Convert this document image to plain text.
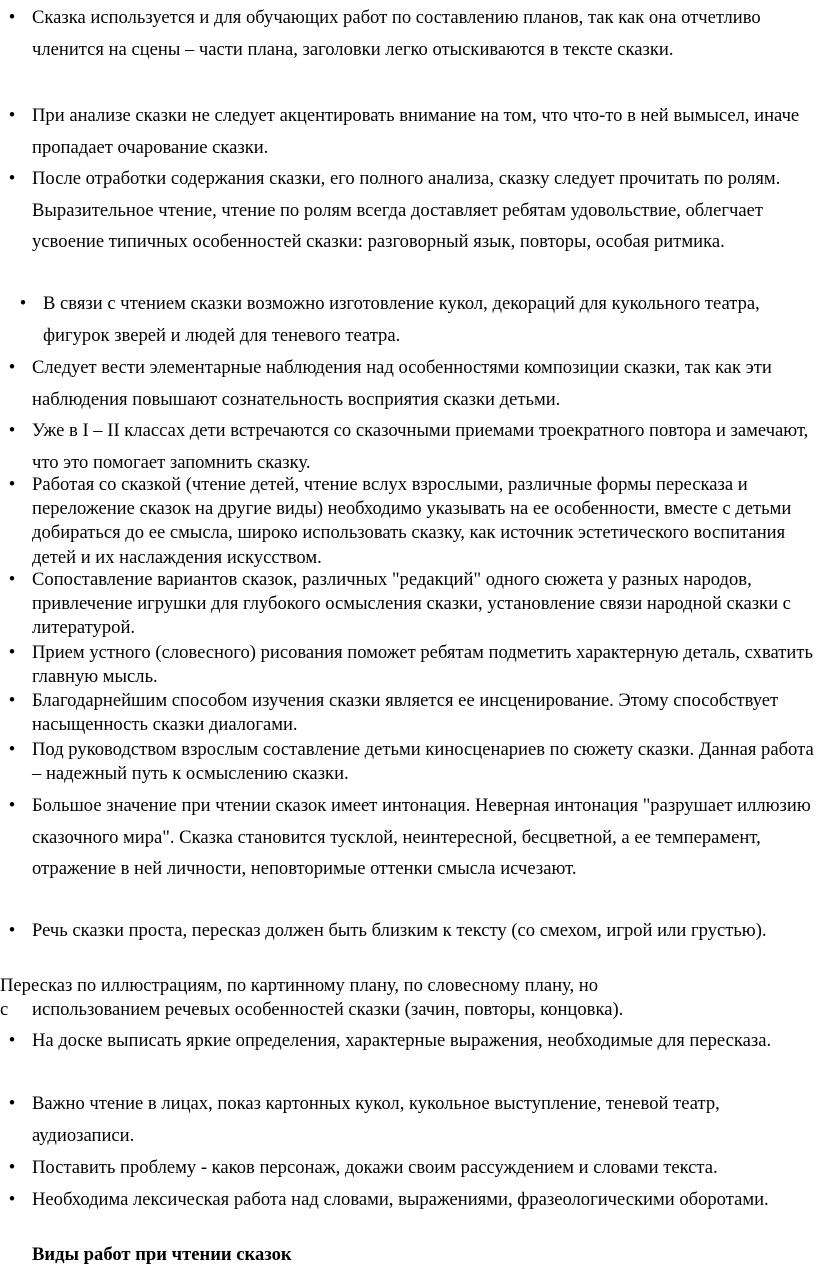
• Сказка используется и для обучающих работ по составлению планов, так как она отчетливо членится на сцены – части плана, заголовки легко отыскиваются в тексте сказки.

• При анализе сказки не следует акцентировать внимание на том, что что-то в ней вымысел, иначе пропадает очарование сказки.

• После отработки содержания сказки, его полного анализа, сказку следует прочитать по ролям. Выразительное чтение, чтение по ролям всегда доставляет ребятам удовольствие, облегчает усвоение типичных особенностей сказки: разговорный язык, повторы, особая ритмика.

• В связи с чтением сказки возможно изготовление кукол, декораций для кукольного театра, фигурок зверей и людей для теневого театра.

• Следует вести элементарные наблюдения над особенностями композиции сказки, так как эти наблюдения повышают сознательность восприятия сказки детьми.

• Уже в I – II классах дети встречаются со сказочными приемами троекратного повтора и замечают, что это помогает запомнить сказку.

• Работая со сказкой (чтение детей, чтение вслух взрослыми, различные формы пересказа и переложение сказок на другие виды) необходимо указывать на ее особенности, вместе с детьми добираться до ее смысла, широко использовать сказку, как источник эстетического воспитания детей и их наслаждения искусством.

• Сопоставление вариантов сказок, различных "редакций" одного сюжета у разных народов, привлечение игрушки для глубокого осмысления сказки, установление связи народной сказки с литературой.

• Прием устного (словесного) рисования поможет ребятам подметить характерную деталь, схватить главную мысль.

• Благодарнейшим способом изучения сказки является ее инсценирование. Этому способствует насыщенность сказки диалогами.

• Под руководством взрослым составление детьми киносценариев по сюжету сказки. Данная работа – надежный путь к осмыслению сказки.

• Большое значение при чтении сказок имеет интонация. Неверная интонация "разрушает иллюзию сказочного мира". Сказка становится тусклой, неинтересной, бесцветной, а ее темперамент, отражение в ней личности, неповторимые оттенки смысла исчезают.

• Речь сказки проста, пересказ должен быть близким к тексту (со смехом, игрой или грустью).

Пересказ по иллюстрациям, по картинному плану, по словесному плану, но
с использованием речевых особенностей сказки (зачин, повторы, концовка).
• На доске выписать яркие определения, характерные выражения, необходимые для пересказа.

• Важно чтение в лицах, показ картонных кукол, кукольное выступление, теневой театр, аудиозаписи.

• Поставить проблему - каков персонаж, докажи своим рассуждением и словами текста.

• Необходима лексическая работа над словами, выражениями, фразеологическими оборотами.

Виды работ при чтении сказок
